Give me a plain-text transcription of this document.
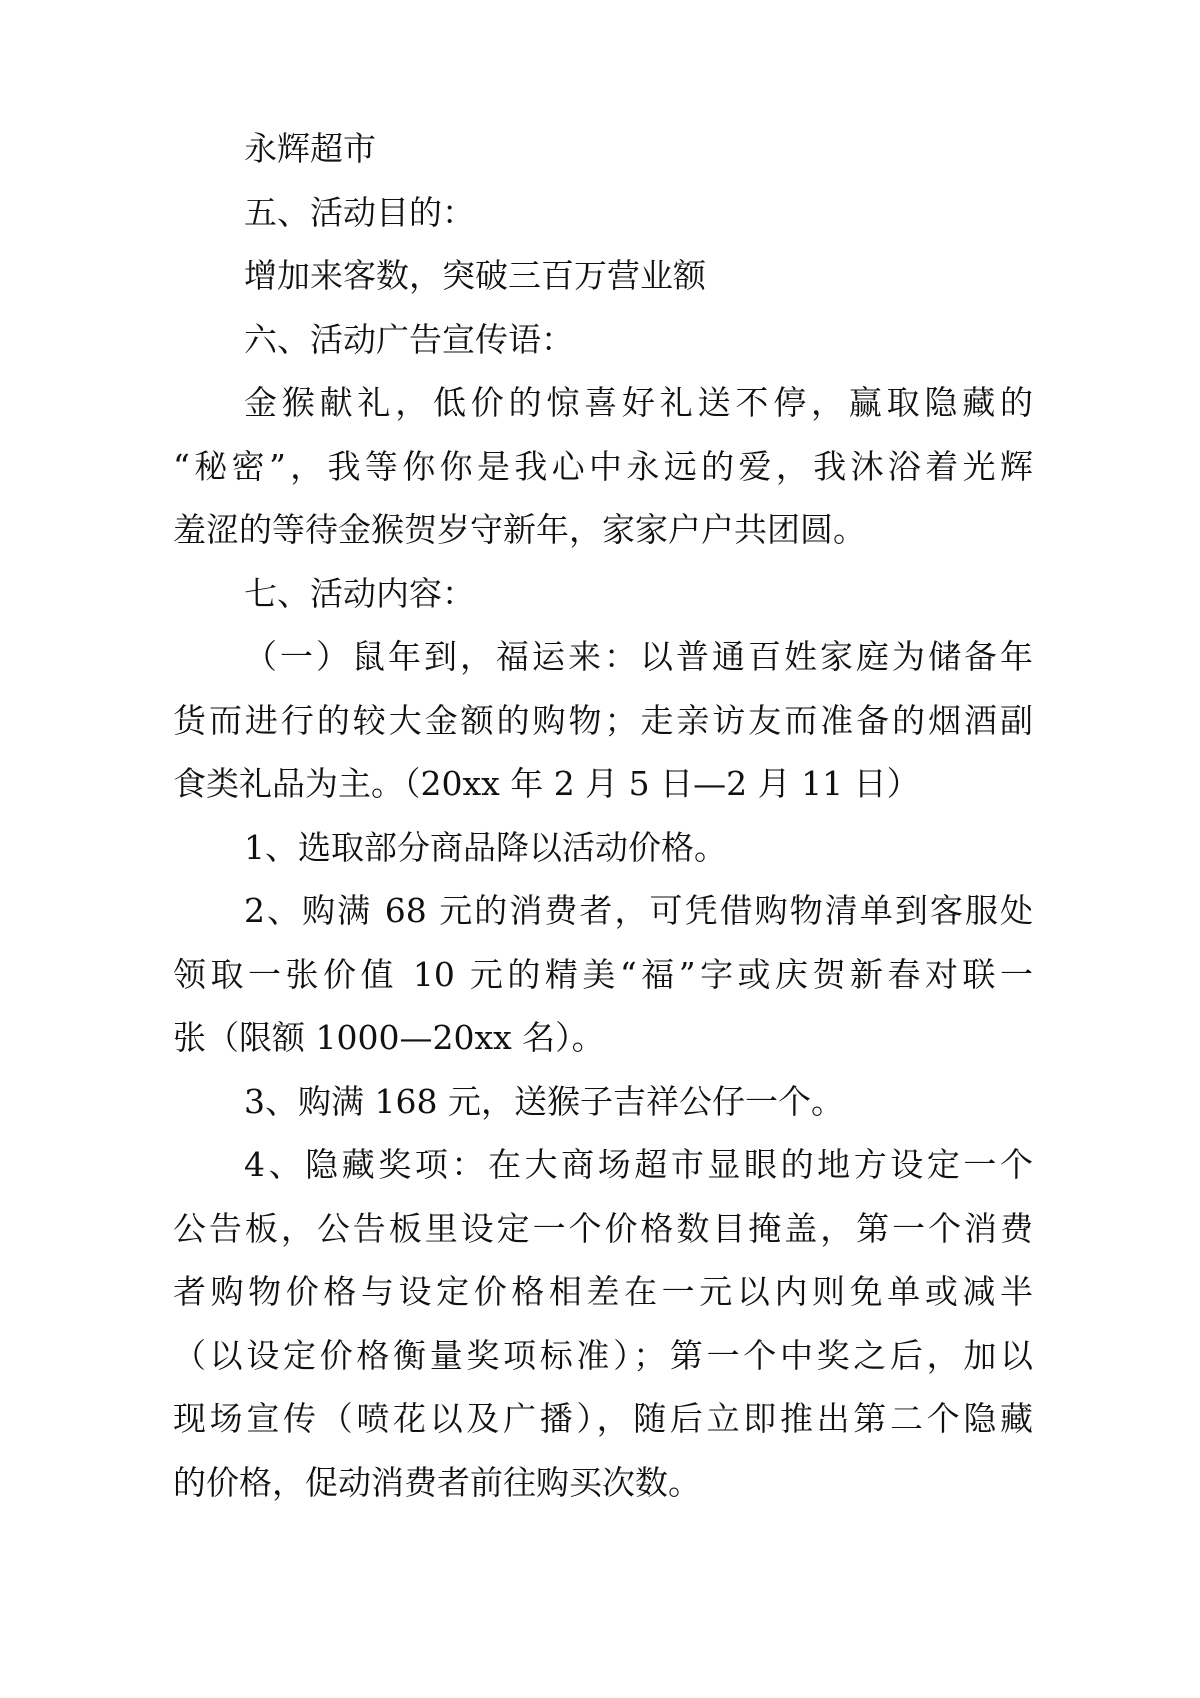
永辉超市
五、活动目的：
增加来客数，突破三百万营业额
六、活动广告宣传语：
金猴献礼，低价的惊喜好礼送不停，赢取隐藏的
“秘密”，我等你你是我心中永远的爱，我沐浴着光辉
羞涩的等待金猴贺岁守新年，家家户户共团圆。
七、活动内容：
（一）鼠年到，福运来：以普通百姓家庭为储备年
货而进行的较大金额的购物；走亲访友而准备的烟酒副
食类礼品为主。（20xx 年 2 月 5 日—2 月 11 日）
1、选取部分商品降以活动价格。
2、购满 68 元的消费者，可凭借购物清单到客服处
领取一张价值 10 元的精美“福”字或庆贺新春对联一
张（限额 1000—20xx 名）。
3、购满 168 元，送猴子吉祥公仔一个。
4、隐藏奖项：在大商场超市显眼的地方设定一个
公告板，公告板里设定一个价格数目掩盖，第一个消费
者购物价格与设定价格相差在一元以内则免单或减半
（以设定价格衡量奖项标准）；第一个中奖之后，加以
现场宣传（喷花以及广播），随后立即推出第二个隐藏
的价格，促动消费者前往购买次数。
